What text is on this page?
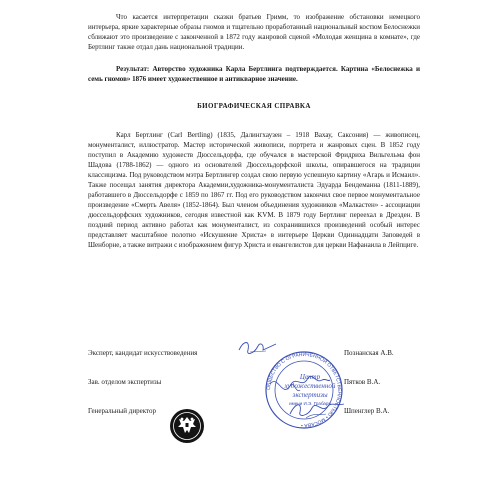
Что касается интерпретации сказки братьев Гримм, то изображение обстановки немецкого интерьера, яркие характерные образы гномов и тщательно проработанный национальный костюм Белоснежки сближают это произведение с законченной в 1872 году жанровой сценой «Молодая женщина в комнате», где Бертлинг также отдал дань национальной традиции.

Результат: Авторство художника Карла Бертлинга подтверждается. Картина «Белоснежка и семь гномов» 1876 имеет художественное и антикварное значение.

БИОГРАФИЧЕСКАЯ СПРАВКА

Карл Бертлинг (Carl Bertling) (1835, Далингхаузен – 1918 Вахау, Саксония) — живописец, монументалист, иллюстратор. Мастер исторической живописи, портрета и жанровых сцен. В 1852 году поступил в Академию художеств Дюссельдорфа, где обучался в мастерской Фридриха Вильгельма фон Шадова (1788-1862) — одного из основателей Дюссельдорфской школы, опиравшегося на традиции классицизма. Под руководством мэтра Бертлингер создал свою первую успешную картину «Агарь и Исмаил». Также посещал занятия директора Академии,художника-монументалиста Эдуарда Бендеманна (1811-1889), работавшего в Дюссельдорфе с 1859 по 1867 гг. Под его руководством закончил свое первое монументальное произведение «Смерть Авеля» (1852-1864). Был членом объединения художников «Малкастен» - ассоциации дюссельдорфских художников, сегодня известной как KVM. В 1879 году Бертлинг переехал в Дрезден. В поздний период активно работал как монументалист, из сохранившихся произведений особый интерес представляет масштабное полотно «Искушение Христа» в интерьере Церкви Одиннадцати Заповедей в Шенборне, а также витражи с изображением фигур Христа и евангелистов для церкви Нафанаила в Лейпциге.

Эксперт, кандидат искусствоведения	Познанская А.В.
Зав. отделом экспертизы	Пятков В.А.
Генеральный директор	Шпенглер В.А.
ОБЩЕСТВО С ОГРАНИЧЕННОЙ ОТВЕТСТВЕННОСТЬЮ • МОСКВА •
Центр
художественной
экспертизы
имени И.Э. Грабаря
